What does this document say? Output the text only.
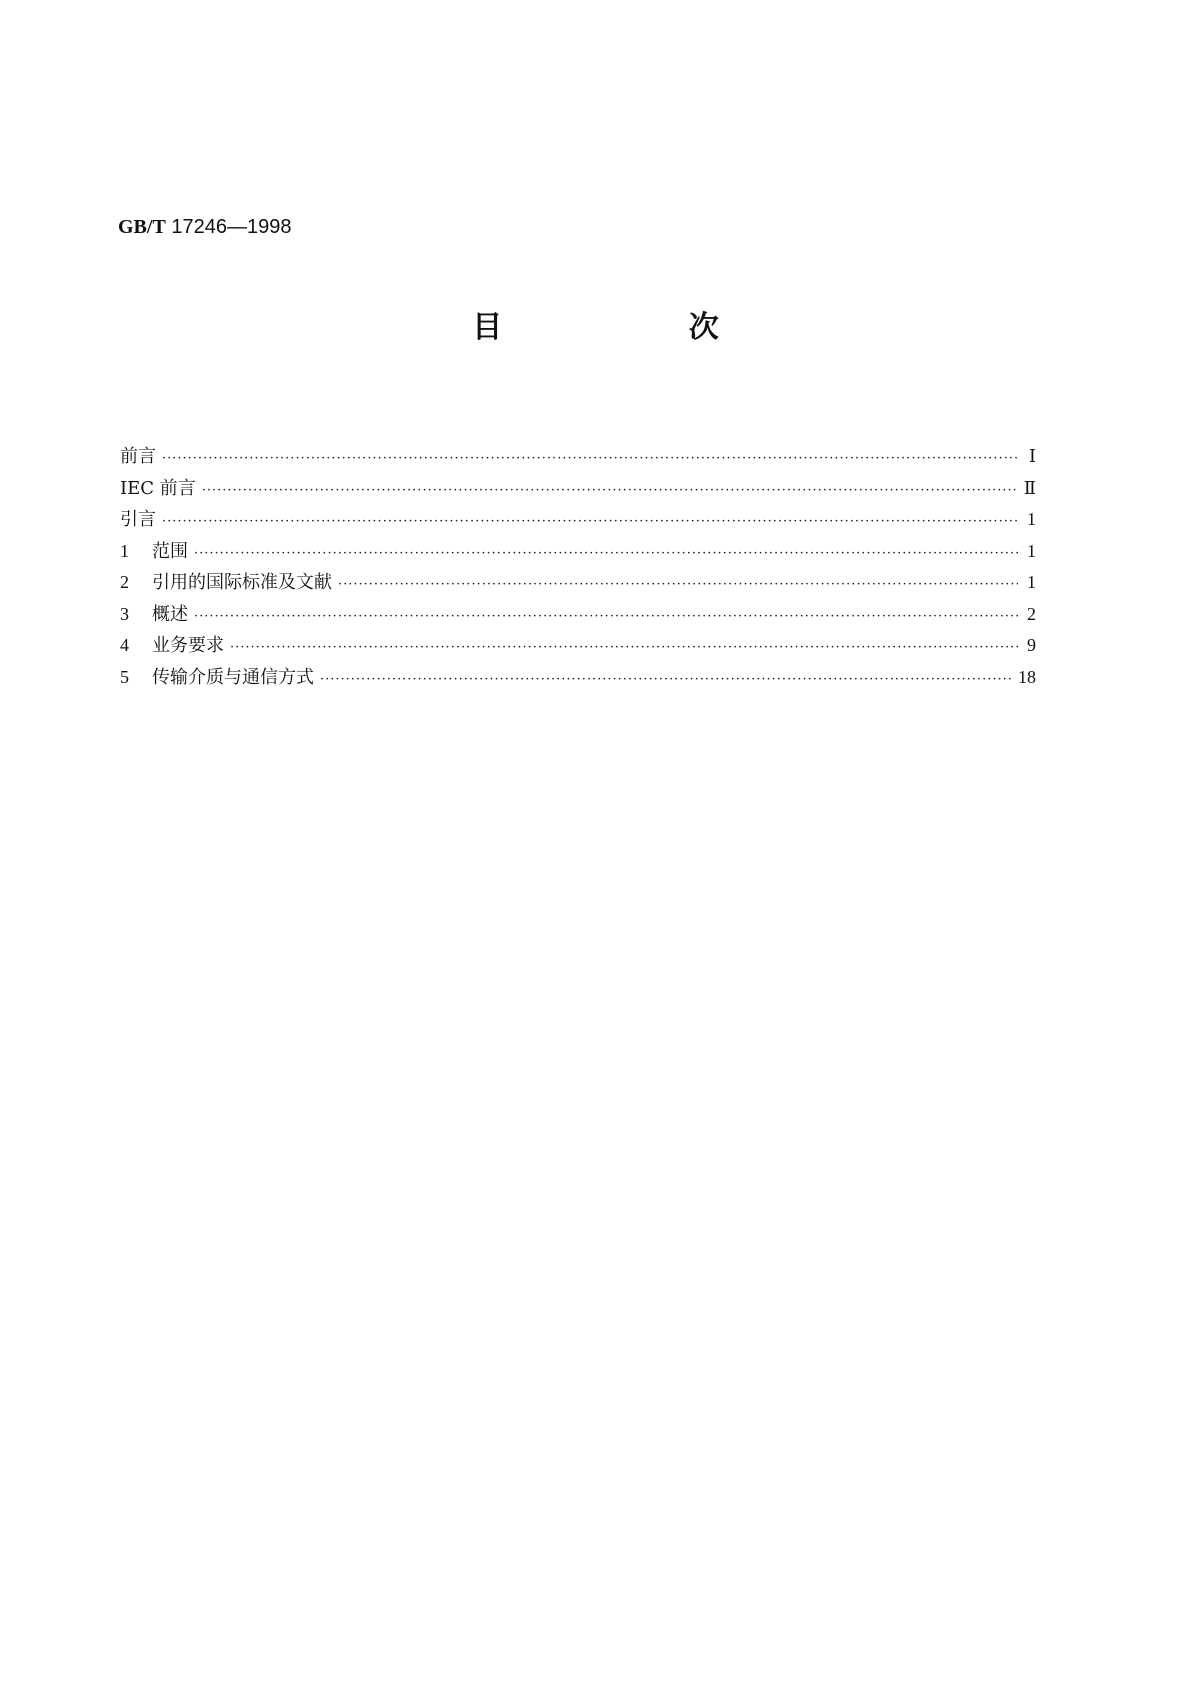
GB/T 17246—1998
目 次
前言 ·····	Ⅰ
IEC 前言 ·····	Ⅱ
引言 ·····	1
1	范围 ·····	1
2	引用的国际标准及文献 ·····	1
3	概述 ·····	2
4	业务要求 ·····	9
5	传输介质与通信方式 ·····	18
